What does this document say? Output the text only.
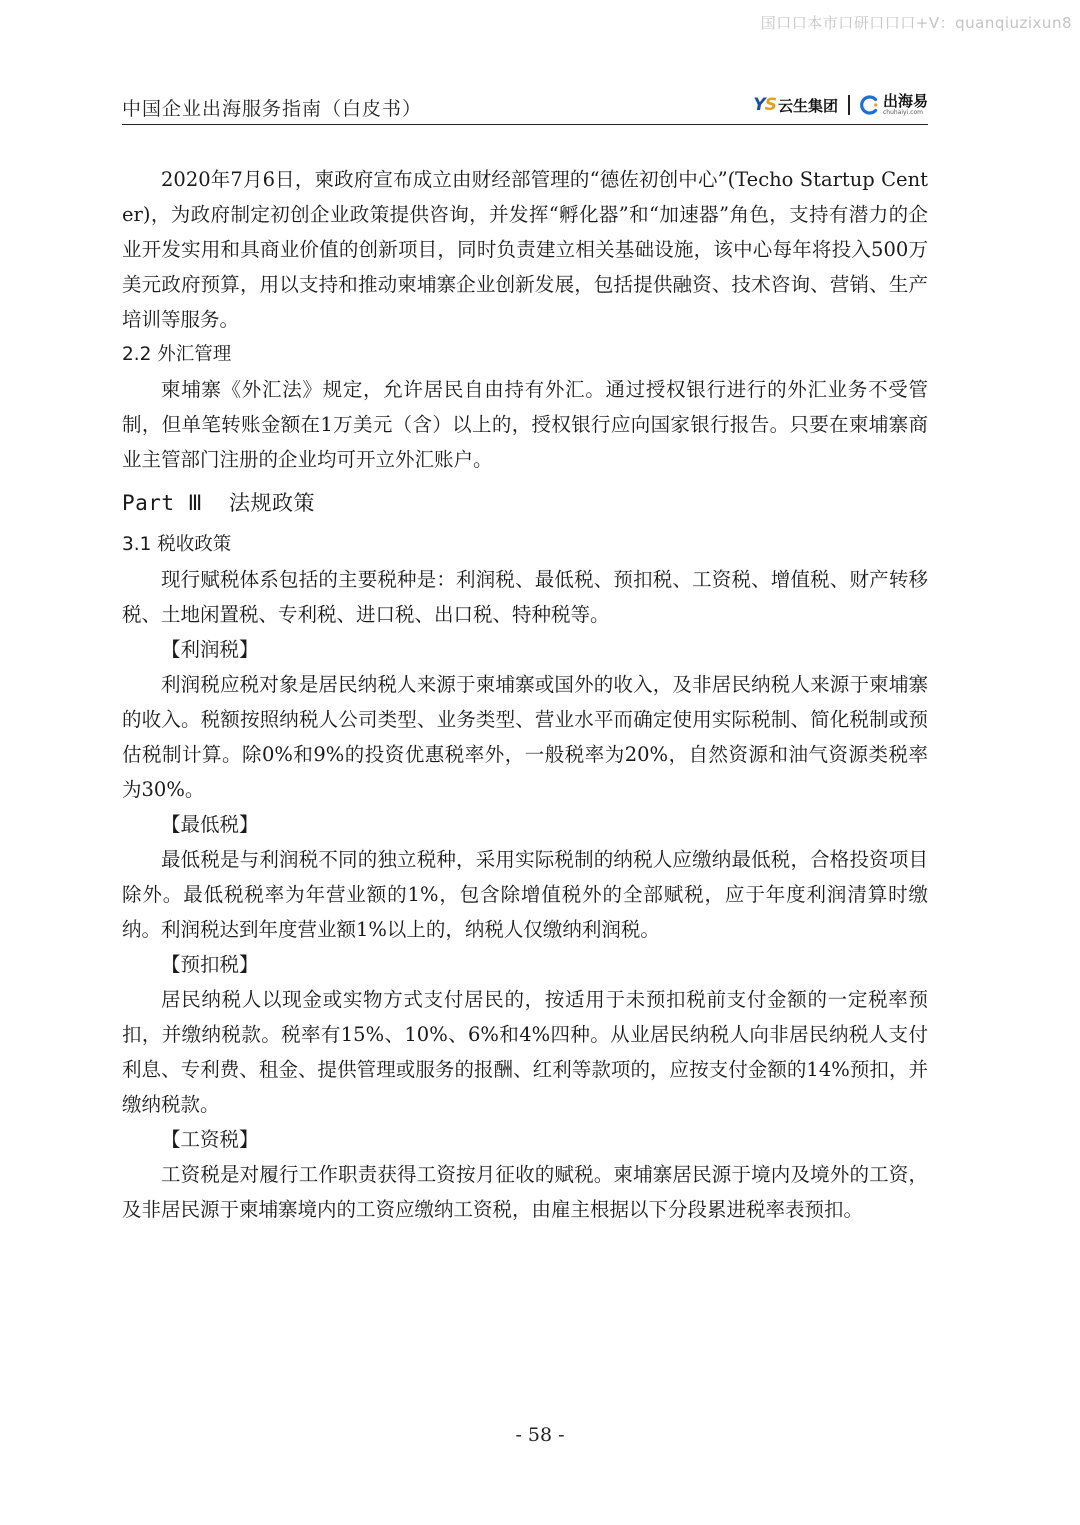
国口口本市口研口口口+V：quanqiuzixun8
中国企业出海服务指南（白皮书）	YS 云生集团	出海易
chuhaiyi.com

2020年7月6日，柬政府宣布成立由财经部管理的“德佐初创中心”(Techo Startup Center)，为政府制定初创企业政策提供咨询，并发挥“孵化器”和“加速器”角色，支持有潜力的企业开发实用和具商业价值的创新项目，同时负责建立相关基础设施，该中心每年将投入500万美元政府预算，用以支持和推动柬埔寨企业创新发展，包括提供融资、技术咨询、营销、生产培训等服务。

2.2 外汇管理

柬埔寨《外汇法》规定，允许居民自由持有外汇。通过授权银行进行的外汇业务不受管制，但单笔转账金额在1万美元（含）以上的，授权银行应向国家银行报告。只要在柬埔寨商业主管部门注册的企业均可开立外汇账户。

Part Ⅲ 法规政策

3.1 税收政策

现行赋税体系包括的主要税种是：利润税、最低税、预扣税、工资税、增值税、财产转移税、土地闲置税、专利税、进口税、出口税、特种税等。

【利润税】

利润税应税对象是居民纳税人来源于柬埔寨或国外的收入，及非居民纳税人来源于柬埔寨的收入。税额按照纳税人公司类型、业务类型、营业水平而确定使用实际税制、简化税制或预估税制计算。除0%和9%的投资优惠税率外，一般税率为20%，自然资源和油气资源类税率为30%。

【最低税】

最低税是与利润税不同的独立税种，采用实际税制的纳税人应缴纳最低税，合格投资项目除外。最低税税率为年营业额的1%，包含除增值税外的全部赋税，应于年度利润清算时缴纳。利润税达到年度营业额1%以上的，纳税人仅缴纳利润税。

【预扣税】

居民纳税人以现金或实物方式支付居民的，按适用于未预扣税前支付金额的一定税率预扣，并缴纳税款。税率有15%、10%、6%和4%四种。从业居民纳税人向非居民纳税人支付利息、专利费、租金、提供管理或服务的报酬、红利等款项的，应按支付金额的14%预扣，并缴纳税款。

【工资税】

工资税是对履行工作职责获得工资按月征收的赋税。柬埔寨居民源于境内及境外的工资，及非居民源于柬埔寨境内的工资应缴纳工资税，由雇主根据以下分段累进税率表预扣。

- 58 -
